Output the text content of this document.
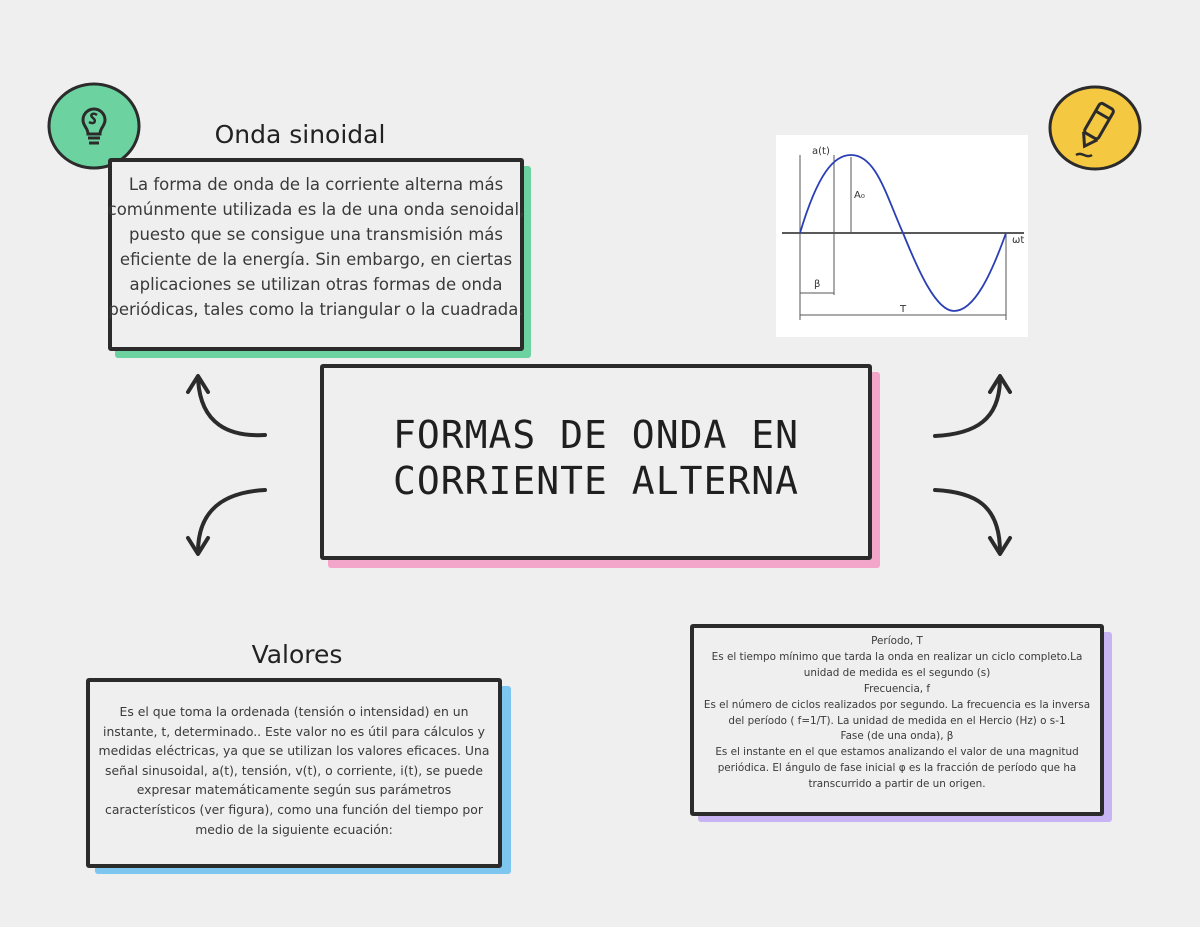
Onda sinoidal
La forma de onda de la corriente alterna más comúnmente utilizada es la de una onda senoidal, puesto que se consigue una transmisión más eficiente de la energía. Sin embargo, en ciertas aplicaciones se utilizan otras formas de onda periódicas, tales como la triangular o la cuadrada.
a(t)
A₀
ωt
β
T
FORMAS DE ONDA EN
CORRIENTE ALTERNA
Valores
Es el que toma la ordenada (tensión o intensidad) en un instante, t, determinado.. Este valor no es útil para cálculos y medidas eléctricas, ya que se utilizan los valores eficaces. Una señal sinusoidal, a(t), tensión, v(t), o corriente, i(t), se puede expresar matemáticamente según sus parámetros característicos (ver figura), como una función del tiempo por medio de la siguiente ecuación:
Período, T
Es el tiempo mínimo que tarda la onda en realizar un ciclo completo.La unidad de medida es el segundo (s)
Frecuencia, f
Es el número de ciclos realizados por segundo. La frecuencia es la inversa del período ( f=1/T). La unidad de medida en el Hercio (Hz) o s-1
Fase (de una onda), β
Es el instante en el que estamos analizando el valor de una magnitud periódica. El ángulo de fase inicial φ es la fracción de período que ha transcurrido a partir de un origen.
